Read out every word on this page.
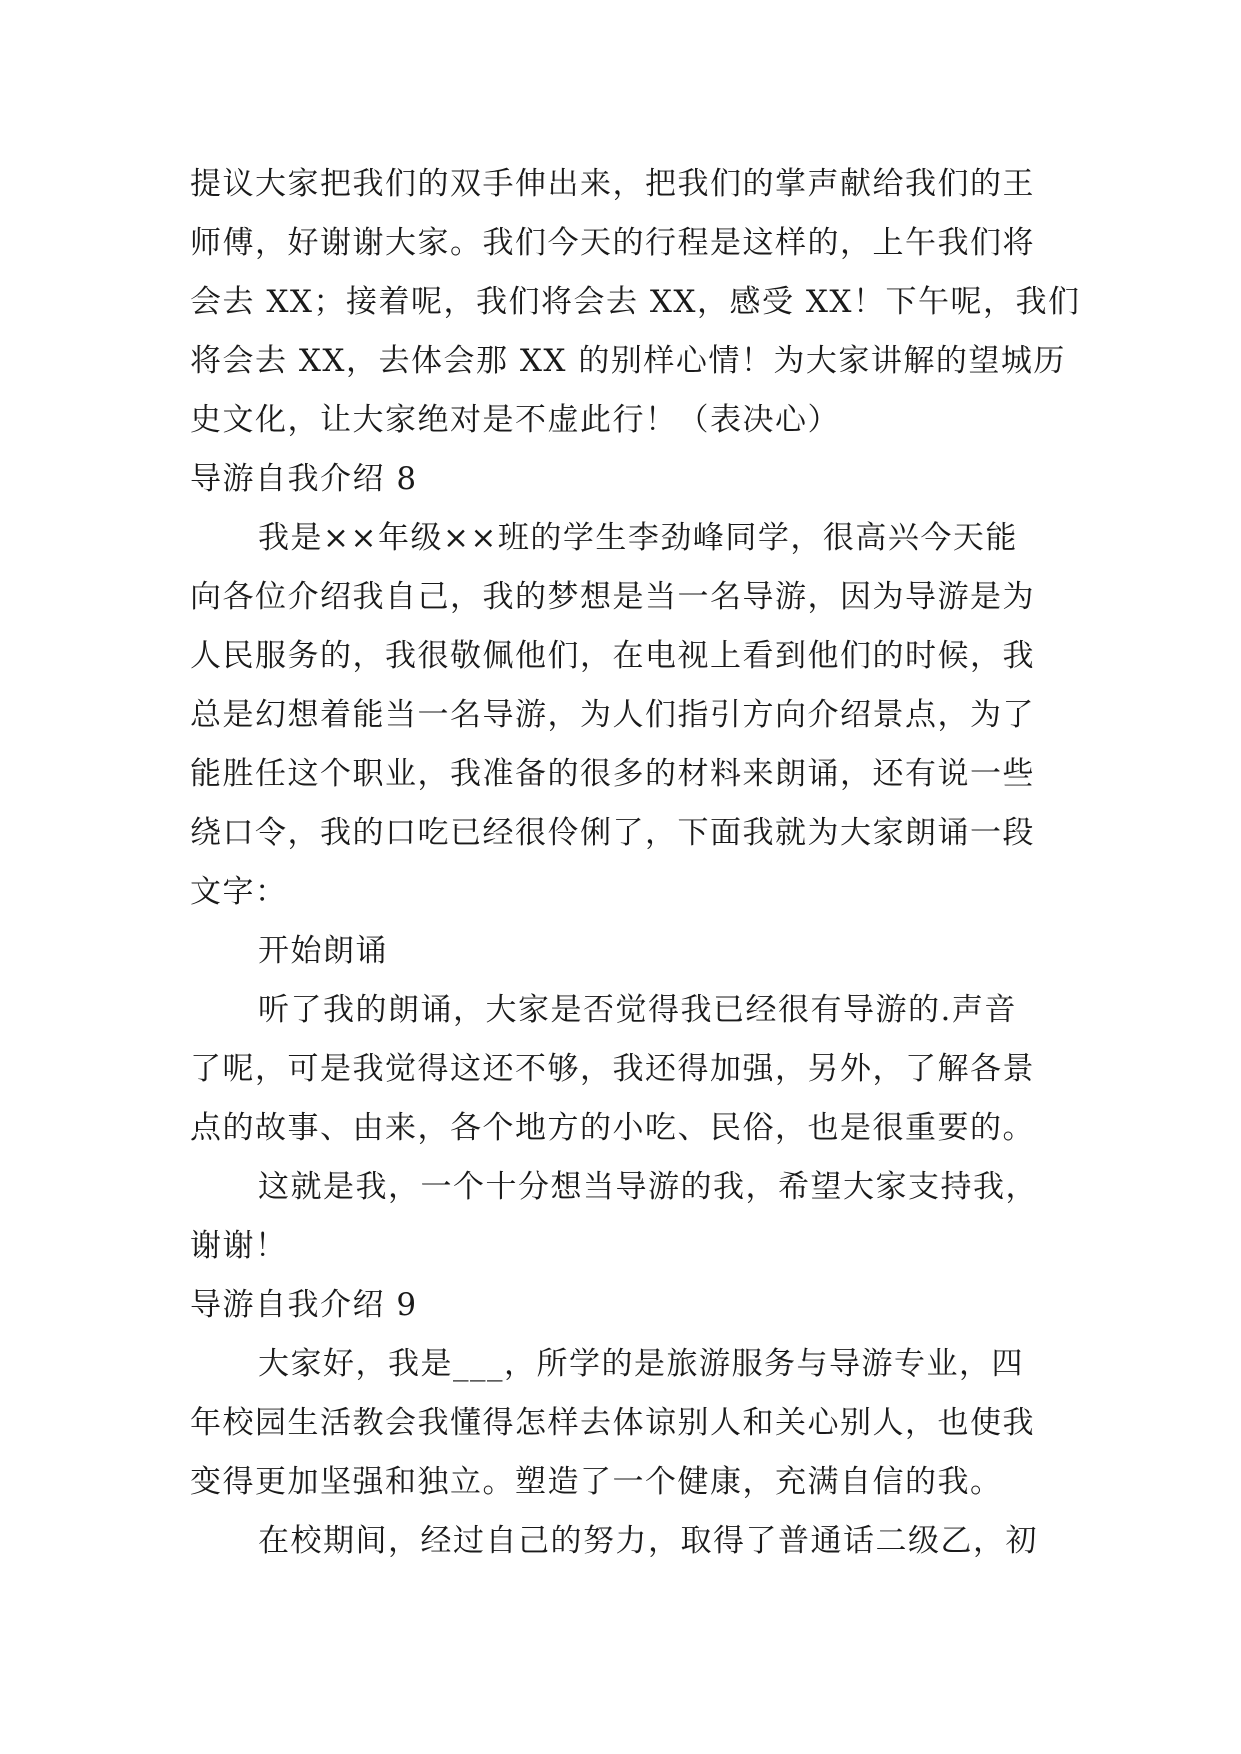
提议大家把我们的双手伸出来，把我们的掌声献给我们的王
师傅，好谢谢大家。我们今天的行程是这样的，上午我们将
会去 XX；接着呢，我们将会去 XX，感受 XX！下午呢，我们
将会去 XX，去体会那 XX 的别样心情！为大家讲解的望城历
史文化，让大家绝对是不虚此行！（表决心）
导游自我介绍 8
我是××年级××班的学生李劲峰同学，很高兴今天能
向各位介绍我自己，我的梦想是当一名导游，因为导游是为
人民服务的，我很敬佩他们，在电视上看到他们的时候，我
总是幻想着能当一名导游，为人们指引方向介绍景点，为了
能胜任这个职业，我准备的很多的材料来朗诵，还有说一些
绕口令，我的口吃已经很伶俐了，下面我就为大家朗诵一段
文字：
开始朗诵
听了我的朗诵，大家是否觉得我已经很有导游的.声音
了呢，可是我觉得这还不够，我还得加强，另外，了解各景
点的故事、由来，各个地方的小吃、民俗，也是很重要的。
这就是我，一个十分想当导游的我，希望大家支持我，
谢谢！
导游自我介绍 9
大家好，我是___，所学的是旅游服务与导游专业，四
年校园生活教会我懂得怎样去体谅别人和关心别人，也使我
变得更加坚强和独立。塑造了一个健康，充满自信的我。
在校期间，经过自己的努力，取得了普通话二级乙，初
